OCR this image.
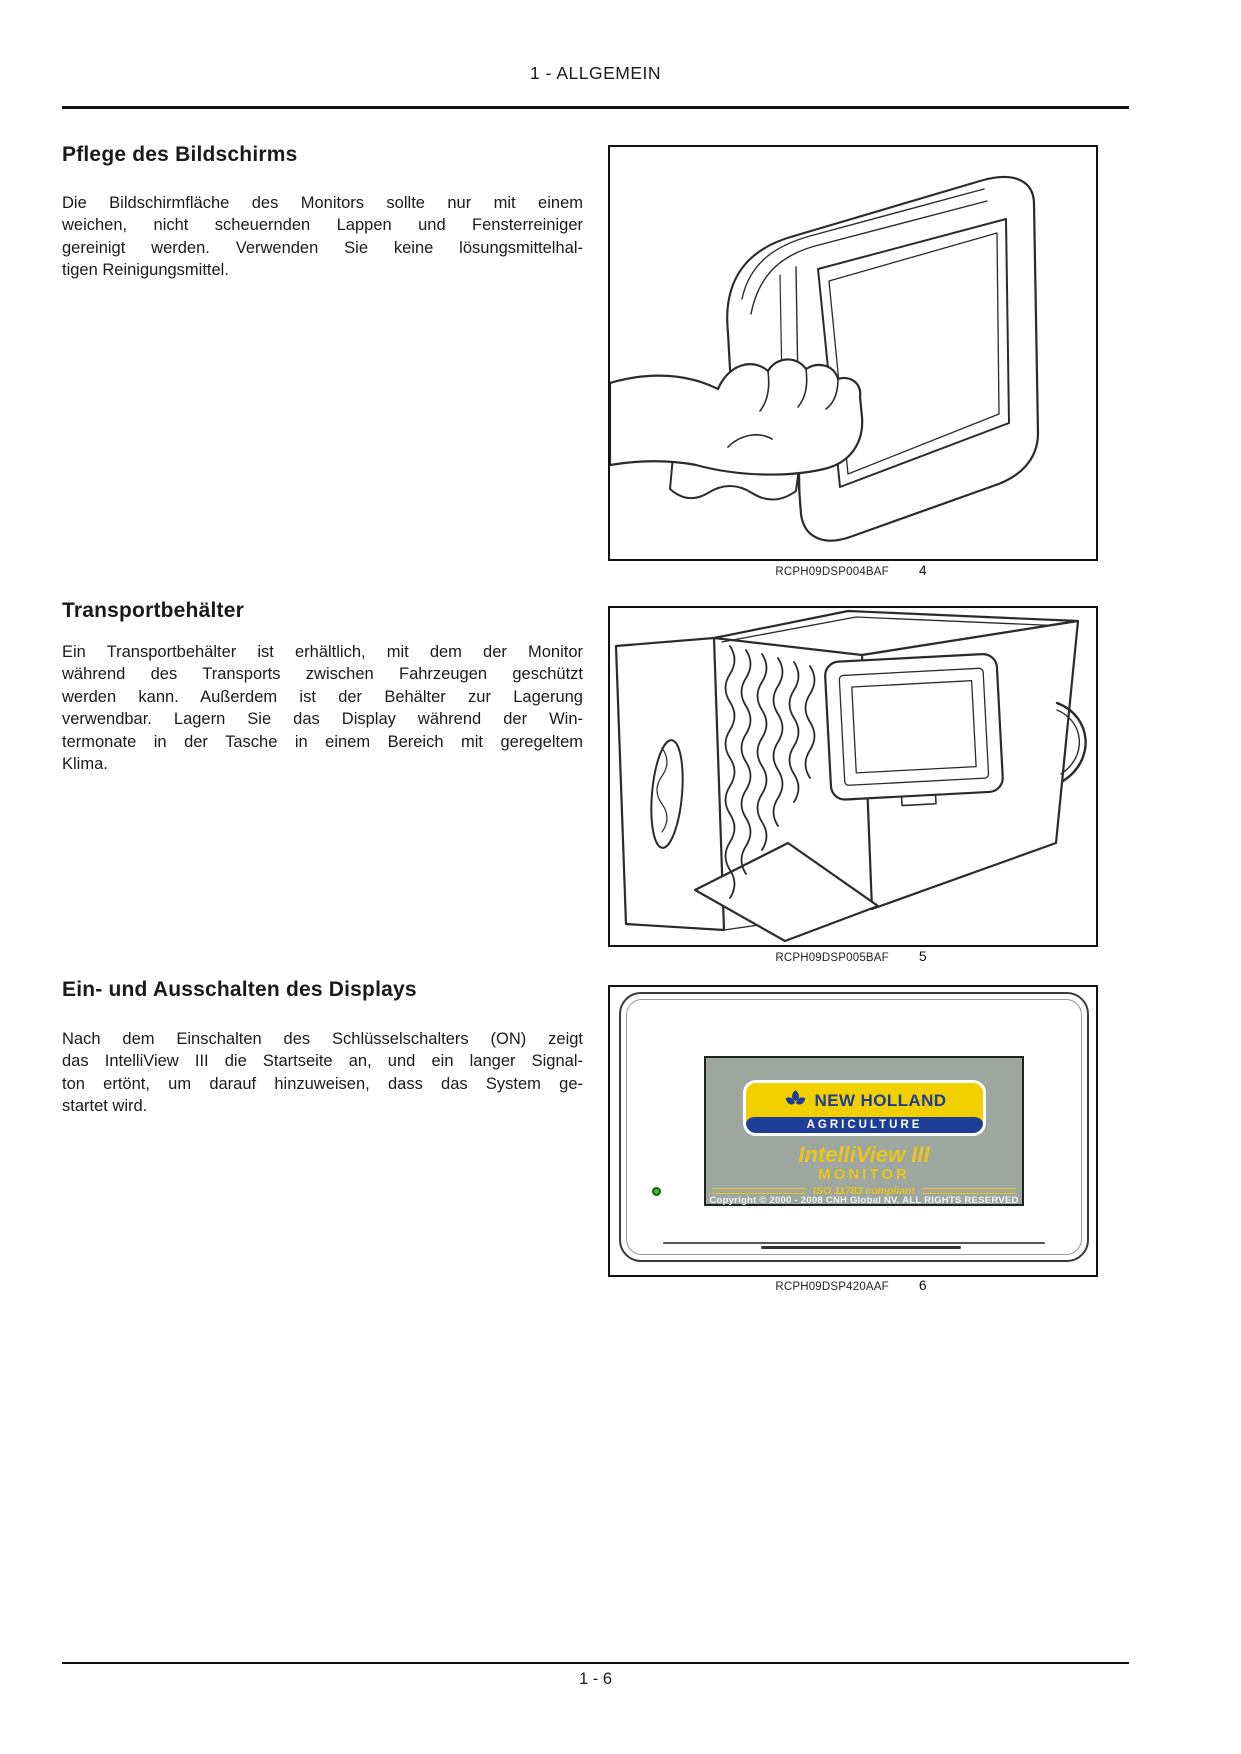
1 - ALLGEMEIN
Pflege des Bildschirms
Die Bildschirmfläche des Monitors sollte nur mit einem
weichen, nicht scheuernden Lappen und Fensterreiniger
gereinigt werden. Verwenden Sie keine lösungsmittelhal-
tigen Reinigungsmittel.
RCPH09DSP004BAF 4
Transportbehälter
Ein Transportbehälter ist erhältlich, mit dem der Monitor
während des Transports zwischen Fahrzeugen geschützt
werden kann. Außerdem ist der Behälter zur Lagerung
verwendbar. Lagern Sie das Display während der Win-
termonate in der Tasche in einem Bereich mit geregeltem
Klima.
RCPH09DSP005BAF 5
Ein- und Ausschalten des Displays
Nach dem Einschalten des Schlüsselschalters (ON) zeigt
das IntelliView III die Startseite an, und ein langer Signal-
ton ertönt, um darauf hinzuweisen, dass das System ge-
startet wird.	NEW HOLLAND
AGRICULTURE
IntelliView III
MONITOR
ISO 11783 compliant
Copyright © 2000 - 2008 CNH Global NV. ALL RIGHTS RESERVED
RCPH09DSP420AAF 6
1 - 6
